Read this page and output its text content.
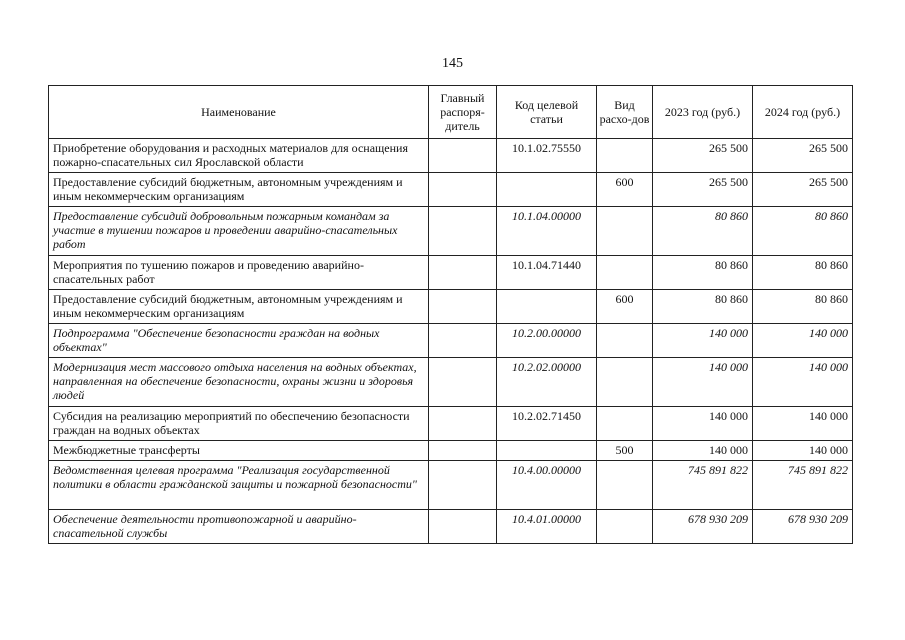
145
Наименование	Главный распоря-дитель	Код целевой статьи	Вид расхо-дов	2023 год (руб.)	2024 год (руб.)
Приобретение оборудования и расходных материалов для оснащения пожарно-спасательных сил Ярославской области		10.1.02.75550		265 500	265 500
Предоставление субсидий бюджетным, автономным учреждениям и иным некоммерческим организациям			600	265 500	265 500
Предоставление субсидий добровольным пожарным командам за участие в тушении пожаров и проведении аварийно-спасательных работ		10.1.04.00000		80 860	80 860
Мероприятия по тушению пожаров и проведению аварийно-спасательных работ		10.1.04.71440		80 860	80 860
Предоставление субсидий бюджетным, автономным учреждениям и иным некоммерческим организациям			600	80 860	80 860
Подпрограмма "Обеспечение безопасности граждан на водных объектах"		10.2.00.00000		140 000	140 000
Модернизация мест массового отдыха населения на водных объектах, направленная на обеспечение безопасности, охраны жизни и здоровья людей		10.2.02.00000		140 000	140 000
Субсидия на реализацию мероприятий по обеспечению безопасности граждан на водных объектах		10.2.02.71450		140 000	140 000
Межбюджетные трансферты			500	140 000	140 000
Ведомственная целевая программа "Реализация государственной политики в области гражданской защиты и пожарной безопасности"		10.4.00.00000		745 891 822	745 891 822
Обеспечение деятельности противопожарной и аварийно-спасательной службы		10.4.01.00000		678 930 209	678 930 209
